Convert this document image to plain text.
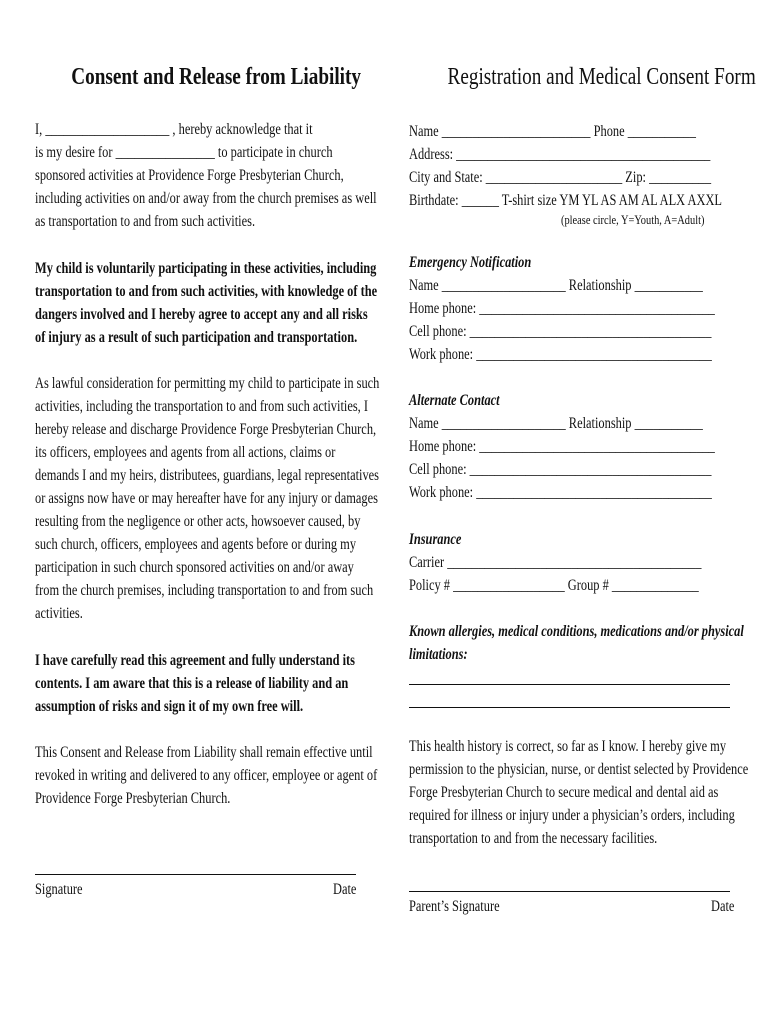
Consent and Release from Liability
I, ____________________ , hereby acknowledge that it
is my desire for ________________ to participate in church
sponsored activities at Providence Forge Presbyterian Church,
including activities on and/or away from the church premises as well
as transportation to and from such activities.
My child is voluntarily participating in these activities, including
transportation to and from such activities, with knowledge of the
dangers involved and I hereby agree to accept any and all risks
of injury as a result of such participation and transportation.
As lawful consideration for permitting my child to participate in such
activities, including the transportation to and from such activities, I
hereby release and discharge Providence Forge Presbyterian Church,
its officers, employees and agents from all actions, claims or
demands I and my heirs, distributees, guardians, legal representatives
or assigns now have or may hereafter have for any injury or damages
resulting from the negligence or other acts, howsoever caused, by
such church, officers, employees and agents before or during my
participation in such church sponsored activities on and/or away
from the church premises, including transportation to and from such
activities.
I have carefully read this agreement and fully understand its
contents. I am aware that this is a release of liability and an
assumption of risks and sign it of my own free will.
This Consent and Release from Liability shall remain effective until
revoked in writing and delivered to any officer, employee or agent of
Providence Forge Presbyterian Church.
Signature	Date
Registration and Medical Consent Form
Name ________________________ Phone ___________
Address: _________________________________________
City and State: ______________________ Zip: __________
Birthdate: ______ T-shirt size YM YL AS AM AL ALX AXXL
(please circle, Y=Youth, A=Adult)
Emergency Notification
Name ____________________ Relationship ___________
Home phone: ______________________________________
Cell phone: _______________________________________
Work phone: ______________________________________
Alternate Contact
Name ____________________ Relationship ___________
Home phone: ______________________________________
Cell phone: _______________________________________
Work phone: ______________________________________
Insurance
Carrier _________________________________________
Policy # __________________ Group # ______________
Known allergies, medical conditions, medications and/or physical
limitations:
This health history is correct, so far as I know. I hereby give my
permission to the physician, nurse, or dentist selected by Providence
Forge Presbyterian Church to secure medical and dental aid as
required for illness or injury under a physician’s orders, including
transportation to and from the necessary facilities.
Parent’s Signature	Date
